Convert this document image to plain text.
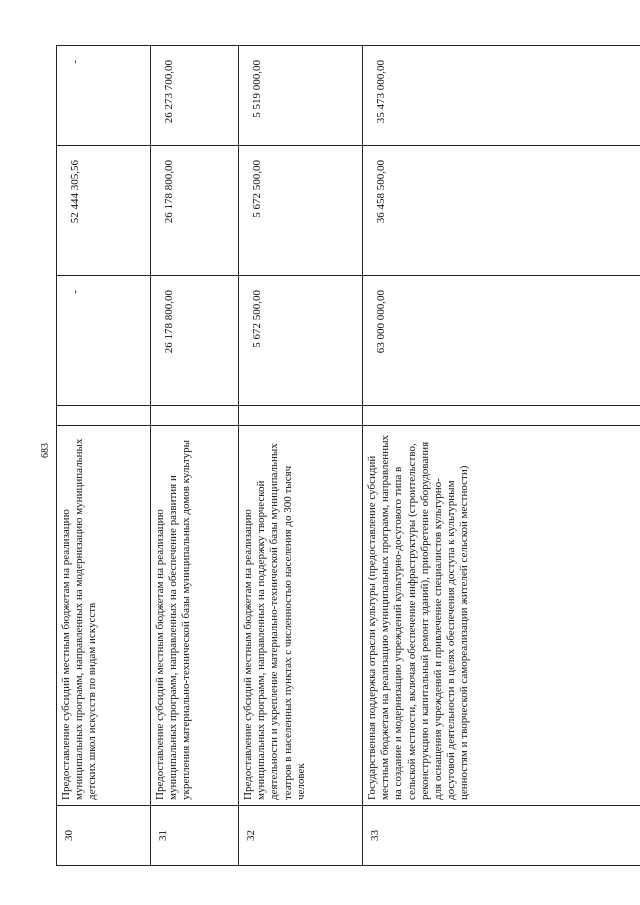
683
30	Предоставление субсидий местным бюджетам на реализацию муниципальных программ, направленных на модернизацию муниципальных детских школ искусств по видам искусств		-	52 444 305,56	-
31	Предоставление субсидий местным бюджетам на реализацию муниципальных программ, направленных на обеспечение развития и укрепления материально-технической базы муниципальных домов культуры		26 178 800,00	26 178 800,00	26 273 700,00
32	Предоставление субсидий местным бюджетам на реализацию муниципальных программ, направленных на поддержку творческой деятельности и укрепление материально-технической базы муниципальных театров в населенных пунктах с численностью населения до 300 тысяч человек		5 672 500,00	5 672 500,00	5 519 000,00
33	Государственная поддержка отрасли культуры (предоставление субсидий местным бюджетам на реализацию муниципальных программ, направленных на создание и модернизацию учреждений культурно-досугового типа в сельской местности, включая обеспечение инфраструктуры (строительство, реконструкцию и капитальный ремонт зданий), приобретение оборудования для оснащения учреждений и привлечение специалистов культурно-досуговой деятельности в целях обеспечения доступа к культурным ценностям и творческой самореализации жителей сельской местности)		63 000 000,00	36 458 500,00	35 473 000,00
